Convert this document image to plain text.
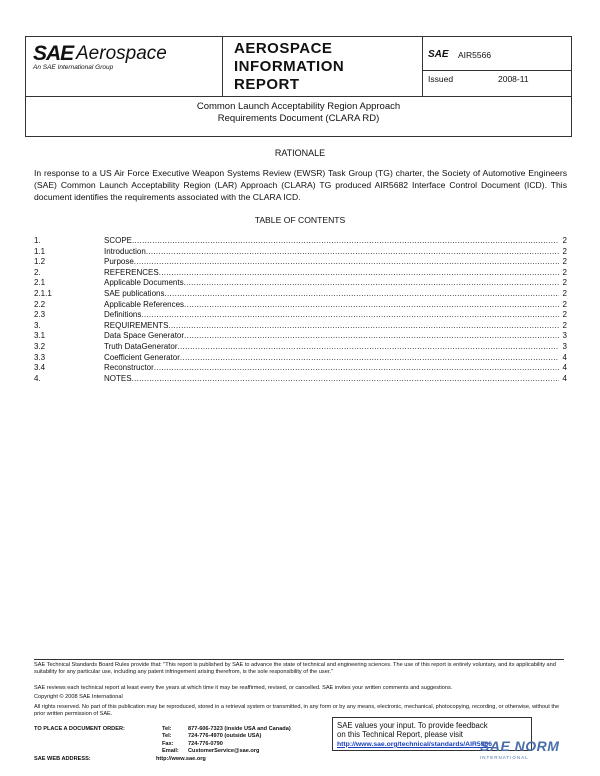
SAE Aerospace
An SAE International Group
AEROSPACE
INFORMATION
REPORT
SAE AIR5566
Issued	2008-11
Common Launch Acceptability Region Approach
Requirements Document (CLARA RD)
RATIONALE
In response to a US Air Force Executive Weapon Systems Review (EWSR) Task Group (TG) charter, the Society of Automotive Engineers (SAE) Common Launch Acceptability Region (LAR) Approach (CLARA) TG produced AIR5682 Interface Control Document (ICD). This document identifies the requirements associated with the CLARA ICD.
TABLE OF CONTENTS
1.	SCOPE .....	2
1.1	Introduction .....	2
1.2	Purpose .....	2
2.	REFERENCES .....	2
2.1	Applicable Documents .....	2
2.1.1	SAE publications .....	2
2.2	Applicable References .....	2
2.3	Definitions .....	2
3.	REQUIREMENTS .....	2
3.1	Data Space Generator .....	3
3.2	Truth DataGenerator .....	3
3.3	Coefficient Generator .....	4
3.4	Reconstructor .....	4
4.	NOTES .....	4
SAE Technical Standards Board Rules provide that: "This report is published by SAE to advance the state of technical and engineering sciences. The use of this report is entirely voluntary, and its applicability and suitability for any particular use, including any patent infringement arising therefrom, is the sole responsibility of the user."
SAE reviews each technical report at least every five years at which time it may be reaffirmed, revised, or cancelled. SAE invites your written comments and suggestions.
Copyright © 2008 SAE International
All rights reserved. No part of this publication may be reproduced, stored in a retrieval system or transmitted, in any form or by any means, electronic, mechanical, photocopying, recording, or otherwise, without the prior written permission of SAE.
TO PLACE A DOCUMENT ORDER:	Tel:	877-606-7323 (inside USA and Canada)
Tel:	724-776-4970 (outside USA)
Fax:	724-776-0790
Email: CustomerService@sae.org
SAE WEB ADDRESS:	http://www.sae.org
SAE values your input. To provide feedback
on this Technical Report, please visit
http://www.sae.org/technical/standards/AIR5566
SAE NORM
INTERNATIONAL
